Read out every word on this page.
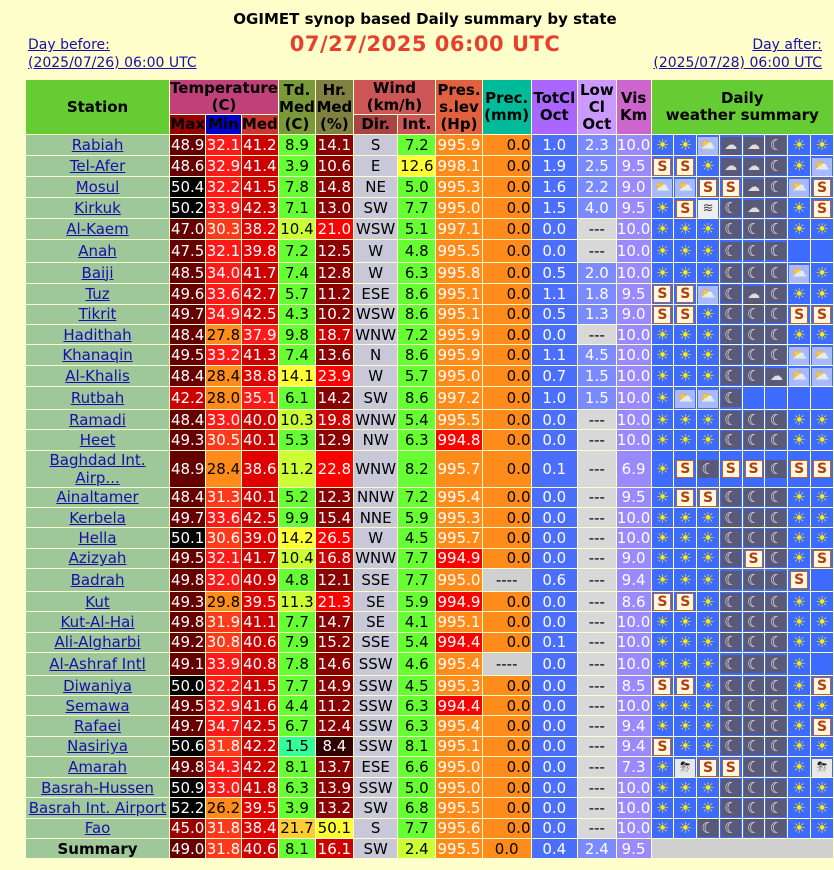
OGIMET synop based Daily summary by state
Day before:
(2025/07/26) 06:00 UTC
07/27/2025 06:00 UTC	Day after:
(2025/07/28) 06:00 UTC
Station	Temperature
(C)			Td.
Med
(C)	Hr.
Med
(%)	Wind
(km/h)		Pres.
s.lev
(Hp)	Prec.
(mm)	TotCl
Oct	Low
Cl
Oct	Vis
Km	Daily
weather summary							
	Max	Min	Med			Dir.	Int.													
Rabiah	48.9	32.1	41.2	8.9	14.1	S	7.2	995.9	0.0	1.0	2.3	10.0	☀	☀	⛅	☁	☁	☾	☀	☀
Tel-Afer	48.6	32.9	41.4	3.9	10.6	E	12.6	998.1	0.0	1.9	2.5	9.5	S	S	☀	☁	☁	☾	☀	⛅
Mosul	50.4	32.2	41.5	7.8	14.8	NE	5.0	995.3	0.0	1.6	2.2	9.0	⛅	⛅	S	S	☁	☾	⛅	S
Kirkuk	50.2	33.9	42.3	7.1	13.0	SW	7.7	995.0	0.0	1.5	4.0	9.5	☀	S	≋	☾	☁	☾	☀	S
Al-Kaem	47.0	30.3	38.2	10.4	21.0	WSW	5.1	997.1	0.0	0.0	---	10.0	☀	☀	☀	☾	☾	☾	☀	☀
Anah	47.5	32.1	39.8	7.2	12.5	W	4.8	995.5	0.0	0.0	---	10.0	☀	☀	☀	☾	☾	☾		
Baiji	48.5	34.0	41.7	7.4	12.8	W	6.3	995.8	0.0	0.5	2.0	10.0	☀	☀	☀	☾	☾	☾	⛅	☀
Tuz	49.6	33.6	42.7	5.7	11.2	ESE	8.6	995.1	0.0	1.1	1.8	9.5	S	S	⛅	☾	☁	☾	☀	☀
Tikrit	49.7	34.9	42.5	4.3	10.2	WSW	8.6	995.1	0.0	0.5	1.3	9.0	S	S	☀	☾	☾	☾	S	S
Hadithah	48.4	27.8	37.9	9.8	18.7	WNW	7.2	995.9	0.0	0.0	---	10.0	☀	☀	☀	☾	☾	☾	☀	☀
Khanaqin	49.5	33.2	41.3	7.4	13.6	N	8.6	995.9	0.0	1.1	4.5	10.0	☀	☀	☀	☾	☾	☾	⛅	⛅
Al-Khalis	48.4	28.4	38.8	14.1	23.9	W	5.7	995.0	0.0	0.7	1.5	10.0	☀	☀	☀	☾	☾	☁	⛅	⛅
Rutbah	42.2	28.0	35.1	6.1	14.2	SW	8.6	997.2	0.0	1.0	1.5	10.0	☀	⛅	⛅	☾				
Ramadi	48.4	33.0	40.0	10.3	19.8	WNW	5.4	995.5	0.0	0.0	---	10.0	☀	☀	☀	☾	☾	☾	☀	☀
Heet	49.3	30.5	40.1	5.3	12.9	NW	6.3	994.8	0.0	0.0	---	10.0	☀	☀	☀	☾	☾	☾	☀	☀
Baghdad Int. Airp...	48.9	28.4	38.6	11.2	22.8	WNW	8.2	995.7	0.0	0.1	---	6.9	☀	S	☾	S	S	☾	S	S
Ainaltamer	48.4	31.3	40.1	5.2	12.3	NNW	7.2	995.4	0.0	0.0	---	9.5	☀	S	S	☾	☾	☾	☀	☀
Kerbela	49.7	33.6	42.5	9.9	15.4	NNE	5.9	995.3	0.0	0.0	---	10.0	☀	☀	☀	☾	☾	☾	☀	☀
Hella	50.1	30.6	39.0	14.2	26.5	W	4.5	995.7	0.0	0.0	---	10.0	☀	☀	☀	☾	☾	☾	☀	☀
Azizyah	49.5	32.1	41.7	10.4	16.8	WNW	7.7	994.9	0.0	0.0	---	9.0	☀	☀	☀	☾	S	☾	☀	S
Badrah	49.8	32.0	40.9	4.8	12.1	SSE	7.7	995.0	----	0.6	---	9.4	☀	☀	☀	☾	☾	☾	S	
Kut	49.3	29.8	39.5	11.3	21.3	SE	5.9	994.9	0.0	0.0	---	8.6	S	S	☀	☾	☾	☾	☀	☀
Kut-Al-Hai	49.8	31.9	41.1	7.7	14.7	SE	4.1	995.1	0.0	0.0	---	10.0	☀	☀	☀	☾	☾	☾	☀	☀
Ali-Algharbi	49.2	30.8	40.6	7.9	15.2	SSE	5.4	994.4	0.0	0.1	---	10.0	☀	☀	☀	☾	☾	☾	☀	☀
Al-Ashraf Intl	49.1	33.9	40.8	7.8	14.6	SSW	4.6	995.4	----	0.0	---	10.0	☀	☀	☀	☾	☾	☾	☀	
Diwaniya	50.0	32.2	41.5	7.7	14.9	SSW	4.5	995.3	0.0	0.0	---	8.5	S	S	☀	☾	☾	☾	☀	S
Semawa	49.5	32.9	41.6	4.4	11.2	SSW	6.3	994.4	0.0	0.0	---	10.0	☀	☀	☀	☾	☾	☾	☀	☀
Rafaei	49.7	34.7	42.5	6.7	12.4	SSW	6.3	995.4	0.0	0.0	---	9.4	☀	☀	☀	☾	☾	☾	☀	S
Nasiriya	50.6	31.8	42.2	1.5	8.4	SSW	8.1	995.1	0.0	0.0	---	9.4	S	☀	☀	☾	☾	☾	☀	☀
Amarah	49.8	34.3	42.2	8.1	13.7	ESE	6.6	995.0	0.0	0.0	---	7.3	☀	⛈	S	S	☾	☾	☀	⛈
Basrah-Hussen	50.9	33.0	41.8	6.3	13.9	SSW	5.0	995.0	0.0	0.0	---	10.0	☀	☀	☀	☾	☾	☾	☀	☀
Basrah Int. Airport	52.2	26.2	39.5	3.9	13.2	SW	6.8	995.5	0.0	0.0	---	10.0	☀	☀	☀	☾	☾	☾	☀	☀
Fao	45.0	31.8	38.4	21.7	50.1	S	7.7	995.6	0.0	0.0	---	10.0	☀	☀	☾	☾	☾	☾	☀	☀
Summary	49.0	31.8	40.6	8.1	16.1	SW	2.4	995.5	0.0	0.4	2.4	9.5								
